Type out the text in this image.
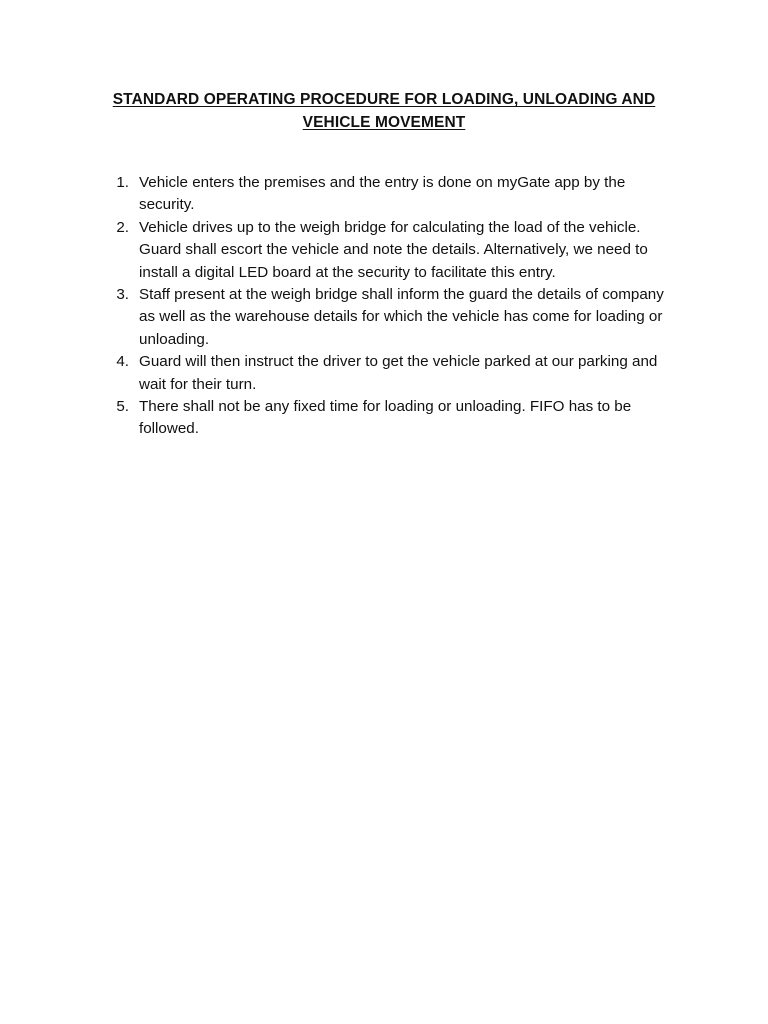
STANDARD OPERATING PROCEDURE FOR LOADING, UNLOADING AND
VEHICLE MOVEMENT
1. Vehicle enters the premises and the entry is done on myGate app by the security.
2. Vehicle drives up to the weigh bridge for calculating the load of the vehicle. Guard shall escort the vehicle and note the details. Alternatively, we need to install a digital LED board at the security to facilitate this entry.
3. Staff present at the weigh bridge shall inform the guard the details of company as well as the warehouse details for which the vehicle has come for loading or unloading.
4. Guard will then instruct the driver to get the vehicle parked at our parking and wait for their turn.
5. There shall not be any fixed time for loading or unloading. FIFO has to be followed.
